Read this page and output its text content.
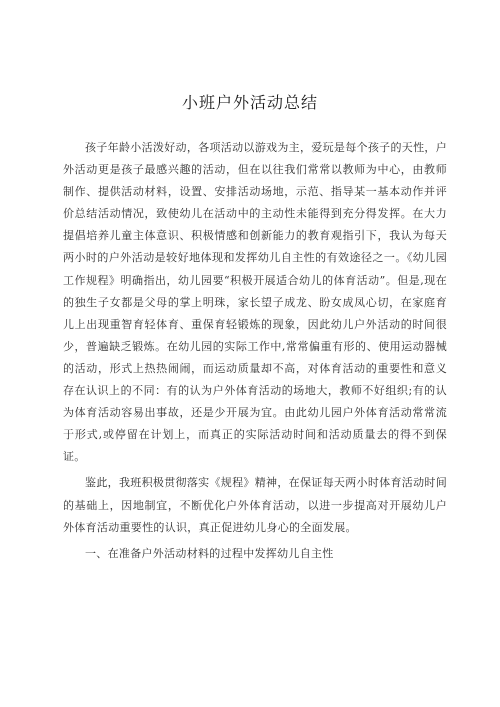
小班户外活动总结

孩子年龄小活泼好动，各项活动以游戏为主，爱玩是每个孩子的天性，户外活动更是孩子最感兴趣的活动，但在以往我们常常以教师为中心，由教师制作、提供活动材料，设置、安排活动场地，示范、指导某一基本动作并评价总结活动情况，致使幼儿在活动中的主动性未能得到充分得发挥。在大力提倡培养儿童主体意识、积极情感和创新能力的教育观指引下，我认为每天两小时的户外活动是较好地体现和发挥幼儿自主性的有效途径之一。《幼儿园工作规程》明确指出，幼儿园要“积极开展适合幼儿的体育活动”。但是,现在的独生子女都是父母的掌上明珠，家长望子成龙、盼女成凤心切，在家庭育儿上出现重智育轻体育、重保育轻锻炼的现象，因此幼儿户外活动的时间很少，普遍缺乏锻炼。在幼儿园的实际工作中,常常偏重有形的、使用运动器械的活动，形式上热热闹闹，而运动质量却不高，对体育活动的重要性和意义存在认识上的不同：有的认为户外体育活动的场地大，教师不好组织;有的认为体育活动容易出事故，还是少开展为宜。由此幼儿园户外体育活动常常流于形式,或停留在计划上，而真正的实际活动时间和活动质量去的得不到保证。

鉴此，我班积极贯彻落实《规程》精神，在保证每天两小时体育活动时间的基础上，因地制宜，不断优化户外体育活动，以进一步提高对开展幼儿户外体育活动重要性的认识，真正促进幼儿身心的全面发展。

一、在准备户外活动材料的过程中发挥幼儿自主性
